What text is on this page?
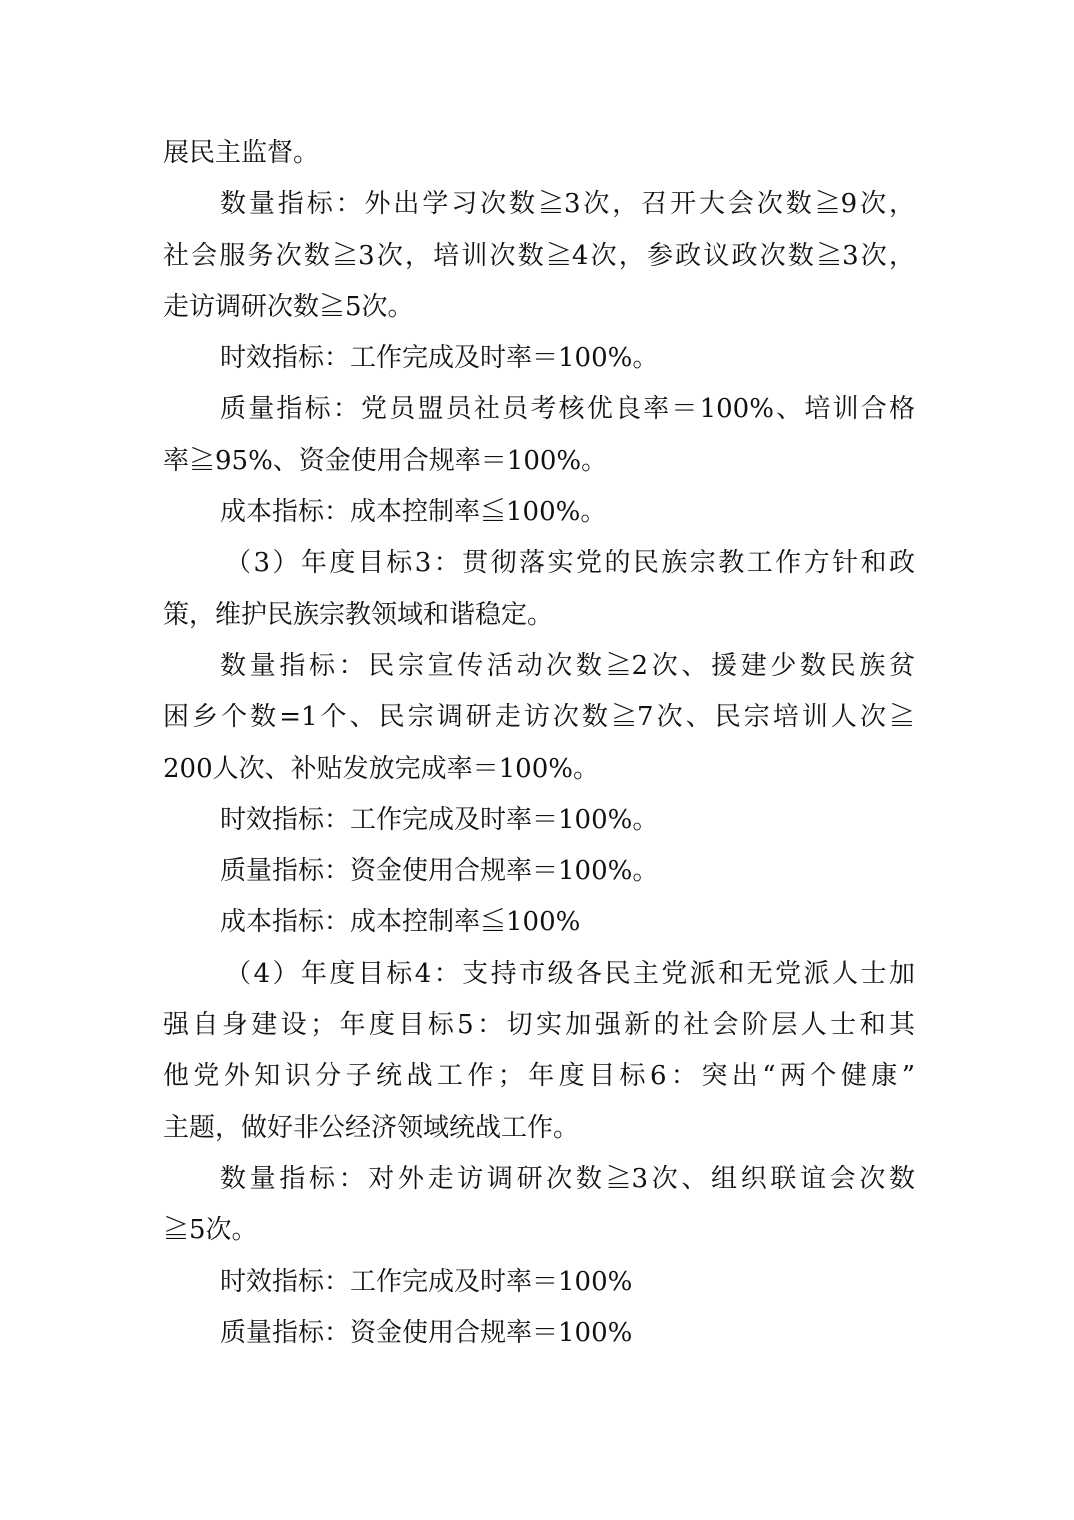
展民主监督。
数量指标：外出学习次数≧3次，召开大会次数≧9次，
社会服务次数≧3次，培训次数≧4次，参政议政次数≧3次，
走访调研次数≧5次。
时效指标：工作完成及时率＝100%。
质量指标：党员盟员社员考核优良率＝100%、培训合格
率≧95%、资金使用合规率＝100%。
成本指标：成本控制率≦100%。
（3）年度目标3：贯彻落实党的民族宗教工作方针和政
策，维护民族宗教领域和谐稳定。
数量指标：民宗宣传活动次数≧2次、援建少数民族贫
困乡个数=1个、民宗调研走访次数≧7次、民宗培训人次≧
200人次、补贴发放完成率＝100%。
时效指标：工作完成及时率＝100%。
质量指标：资金使用合规率＝100%。
成本指标：成本控制率≦100%
（4）年度目标4：支持市级各民主党派和无党派人士加
强自身建设；年度目标5：切实加强新的社会阶层人士和其
他党外知识分子统战工作；年度目标6：突出“两个健康”
主题，做好非公经济领域统战工作。
数量指标：对外走访调研次数≧3次、组织联谊会次数
≧5次。
时效指标：工作完成及时率＝100%
质量指标：资金使用合规率＝100%
